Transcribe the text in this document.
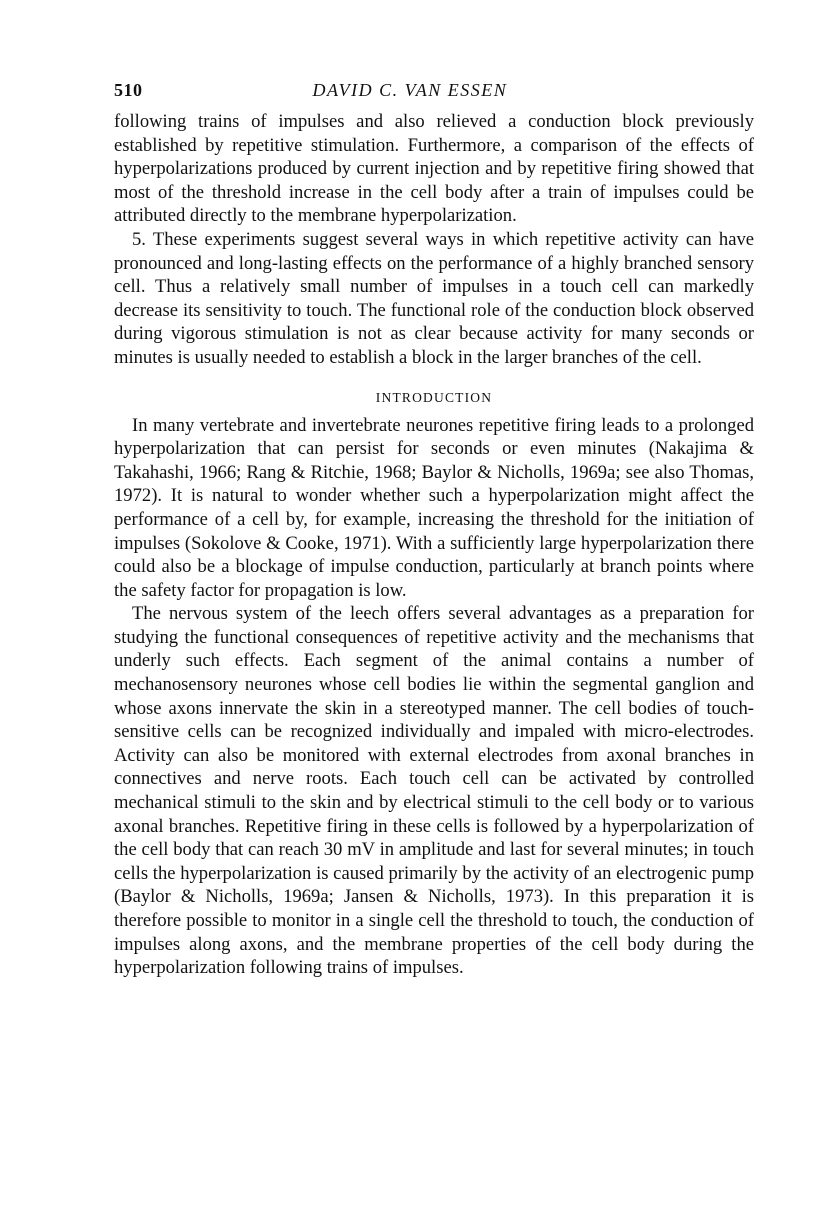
510	DAVID C. VAN ESSEN

following trains of impulses and also relieved a conduction block previously established by repetitive stimulation. Furthermore, a comparison of the effects of hyperpolarizations produced by current injection and by repetitive firing showed that most of the threshold increase in the cell body after a train of impulses could be attributed directly to the membrane hyperpolarization.

5. These experiments suggest several ways in which repetitive activity can have pronounced and long-lasting effects on the performance of a highly branched sensory cell. Thus a relatively small number of impulses in a touch cell can markedly decrease its sensitivity to touch. The functional role of the conduction block observed during vigorous stimulation is not as clear because activity for many seconds or minutes is usually needed to establish a block in the larger branches of the cell.

INTRODUCTION

In many vertebrate and invertebrate neurones repetitive firing leads to a prolonged hyperpolarization that can persist for seconds or even minutes (Nakajima & Takahashi, 1966; Rang & Ritchie, 1968; Baylor & Nicholls, 1969a; see also Thomas, 1972). It is natural to wonder whether such a hyperpolarization might affect the performance of a cell by, for example, increasing the threshold for the initiation of impulses (Sokolove & Cooke, 1971). With a sufficiently large hyperpolarization there could also be a blockage of impulse conduction, particularly at branch points where the safety factor for propagation is low.

The nervous system of the leech offers several advantages as a preparation for studying the functional consequences of repetitive activity and the mechanisms that underly such effects. Each segment of the animal contains a number of mechanosensory neurones whose cell bodies lie within the segmental ganglion and whose axons innervate the skin in a stereotyped manner. The cell bodies of touch-sensitive cells can be recognized individually and impaled with micro-electrodes. Activity can also be monitored with external electrodes from axonal branches in connectives and nerve roots. Each touch cell can be activated by controlled mechanical stimuli to the skin and by electrical stimuli to the cell body or to various axonal branches. Repetitive firing in these cells is followed by a hyperpolarization of the cell body that can reach 30 mV in amplitude and last for several minutes; in touch cells the hyperpolarization is caused primarily by the activity of an electrogenic pump (Baylor & Nicholls, 1969a; Jansen & Nicholls, 1973). In this preparation it is therefore possible to monitor in a single cell the threshold to touch, the conduction of impulses along axons, and the membrane properties of the cell body during the hyperpolarization following trains of impulses.
